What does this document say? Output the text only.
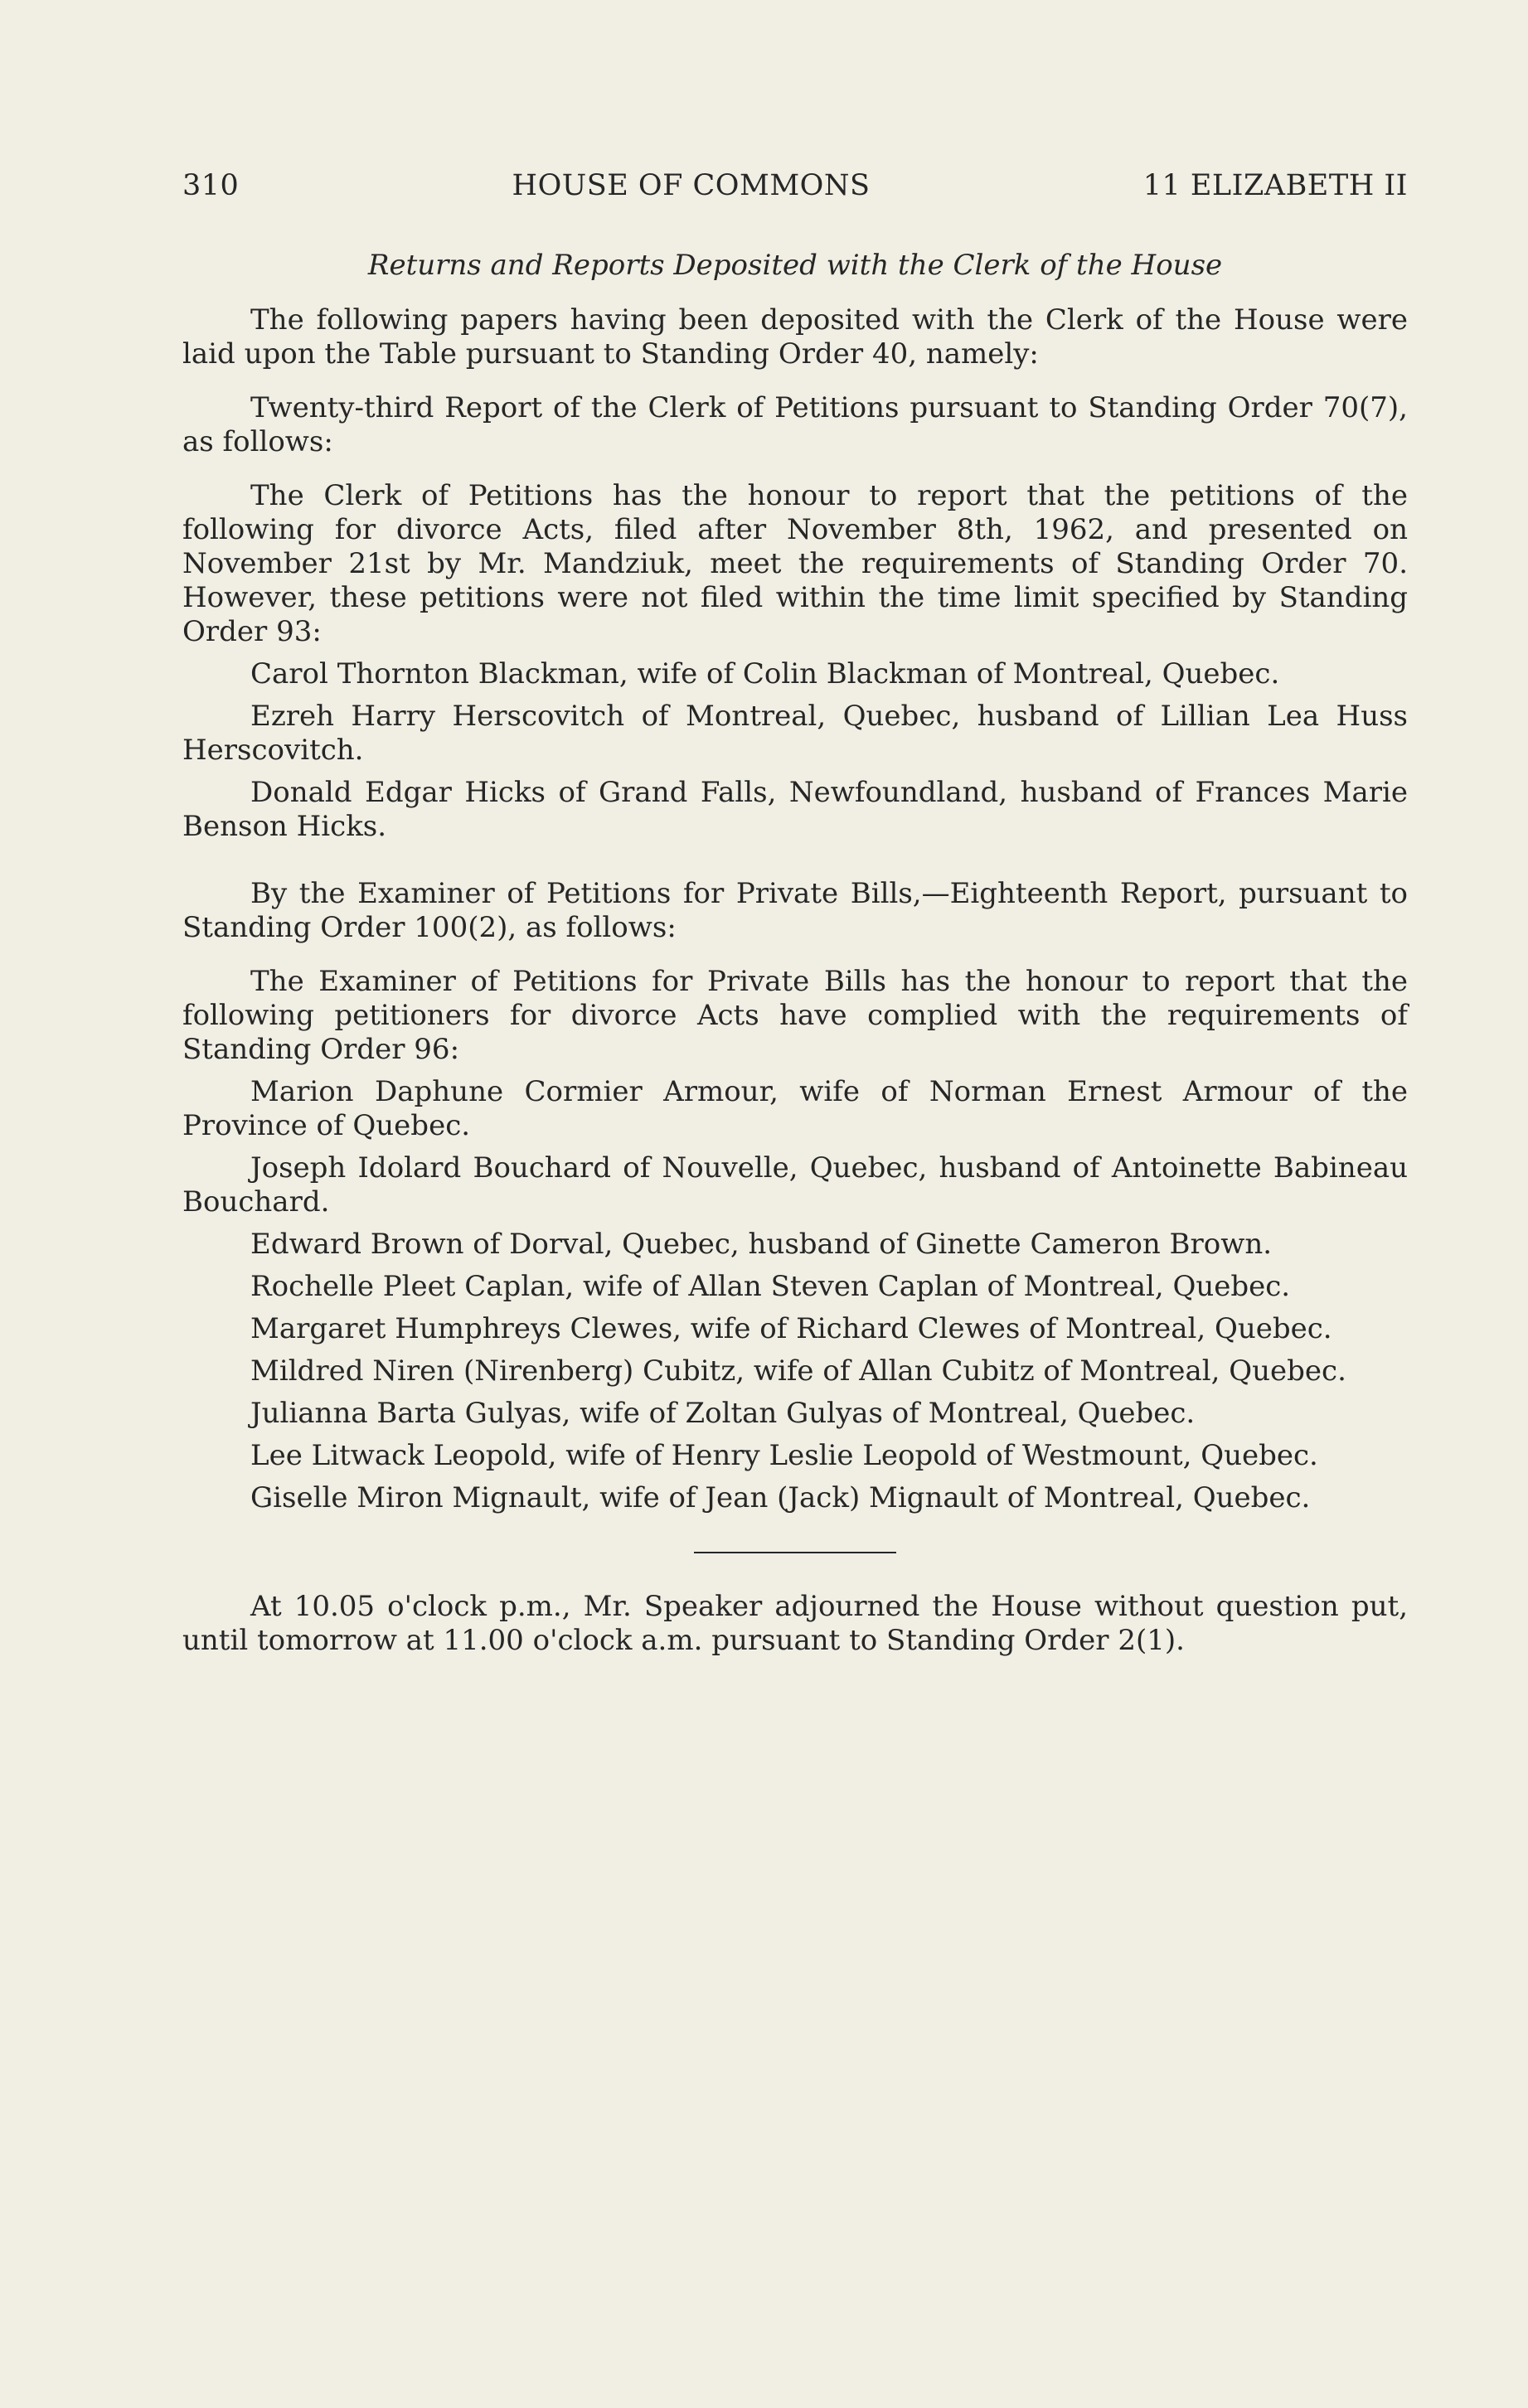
310	HOUSE OF COMMONS	11 ELIZABETH II
Returns and Reports Deposited with the Clerk of the House

The following papers having been deposited with the Clerk of the House were laid upon the Table pursuant to Standing Order 40, namely:

Twenty-third Report of the Clerk of Petitions pursuant to Standing Order 70(7), as follows:

The Clerk of Petitions has the honour to report that the petitions of the following for divorce Acts, filed after November 8th, 1962, and presented on November 21st by Mr. Mandziuk, meet the requirements of Standing Order 70. However, these petitions were not filed within the time limit specified by Standing Order 93:

Carol Thornton Blackman, wife of Colin Blackman of Montreal, Quebec.

Ezreh Harry Herscovitch of Montreal, Quebec, husband of Lillian Lea Huss Herscovitch.

Donald Edgar Hicks of Grand Falls, Newfoundland, husband of Frances Marie Benson Hicks.

By the Examiner of Petitions for Private Bills,—Eighteenth Report, pursuant to Standing Order 100(2), as follows:

The Examiner of Petitions for Private Bills has the honour to report that the following petitioners for divorce Acts have complied with the requirements of Standing Order 96:

Marion Daphune Cormier Armour, wife of Norman Ernest Armour of the Province of Quebec.

Joseph Idolard Bouchard of Nouvelle, Quebec, husband of Antoinette Babineau Bouchard.

Edward Brown of Dorval, Quebec, husband of Ginette Cameron Brown.

Rochelle Pleet Caplan, wife of Allan Steven Caplan of Montreal, Quebec.

Margaret Humphreys Clewes, wife of Richard Clewes of Montreal, Quebec.

Mildred Niren (Nirenberg) Cubitz, wife of Allan Cubitz of Montreal, Quebec.

Julianna Barta Gulyas, wife of Zoltan Gulyas of Montreal, Quebec.

Lee Litwack Leopold, wife of Henry Leslie Leopold of Westmount, Quebec.

Giselle Miron Mignault, wife of Jean (Jack) Mignault of Montreal, Quebec.

At 10.05 o'clock p.m., Mr. Speaker adjourned the House without question put, until tomorrow at 11.00 o'clock a.m. pursuant to Standing Order 2(1).
